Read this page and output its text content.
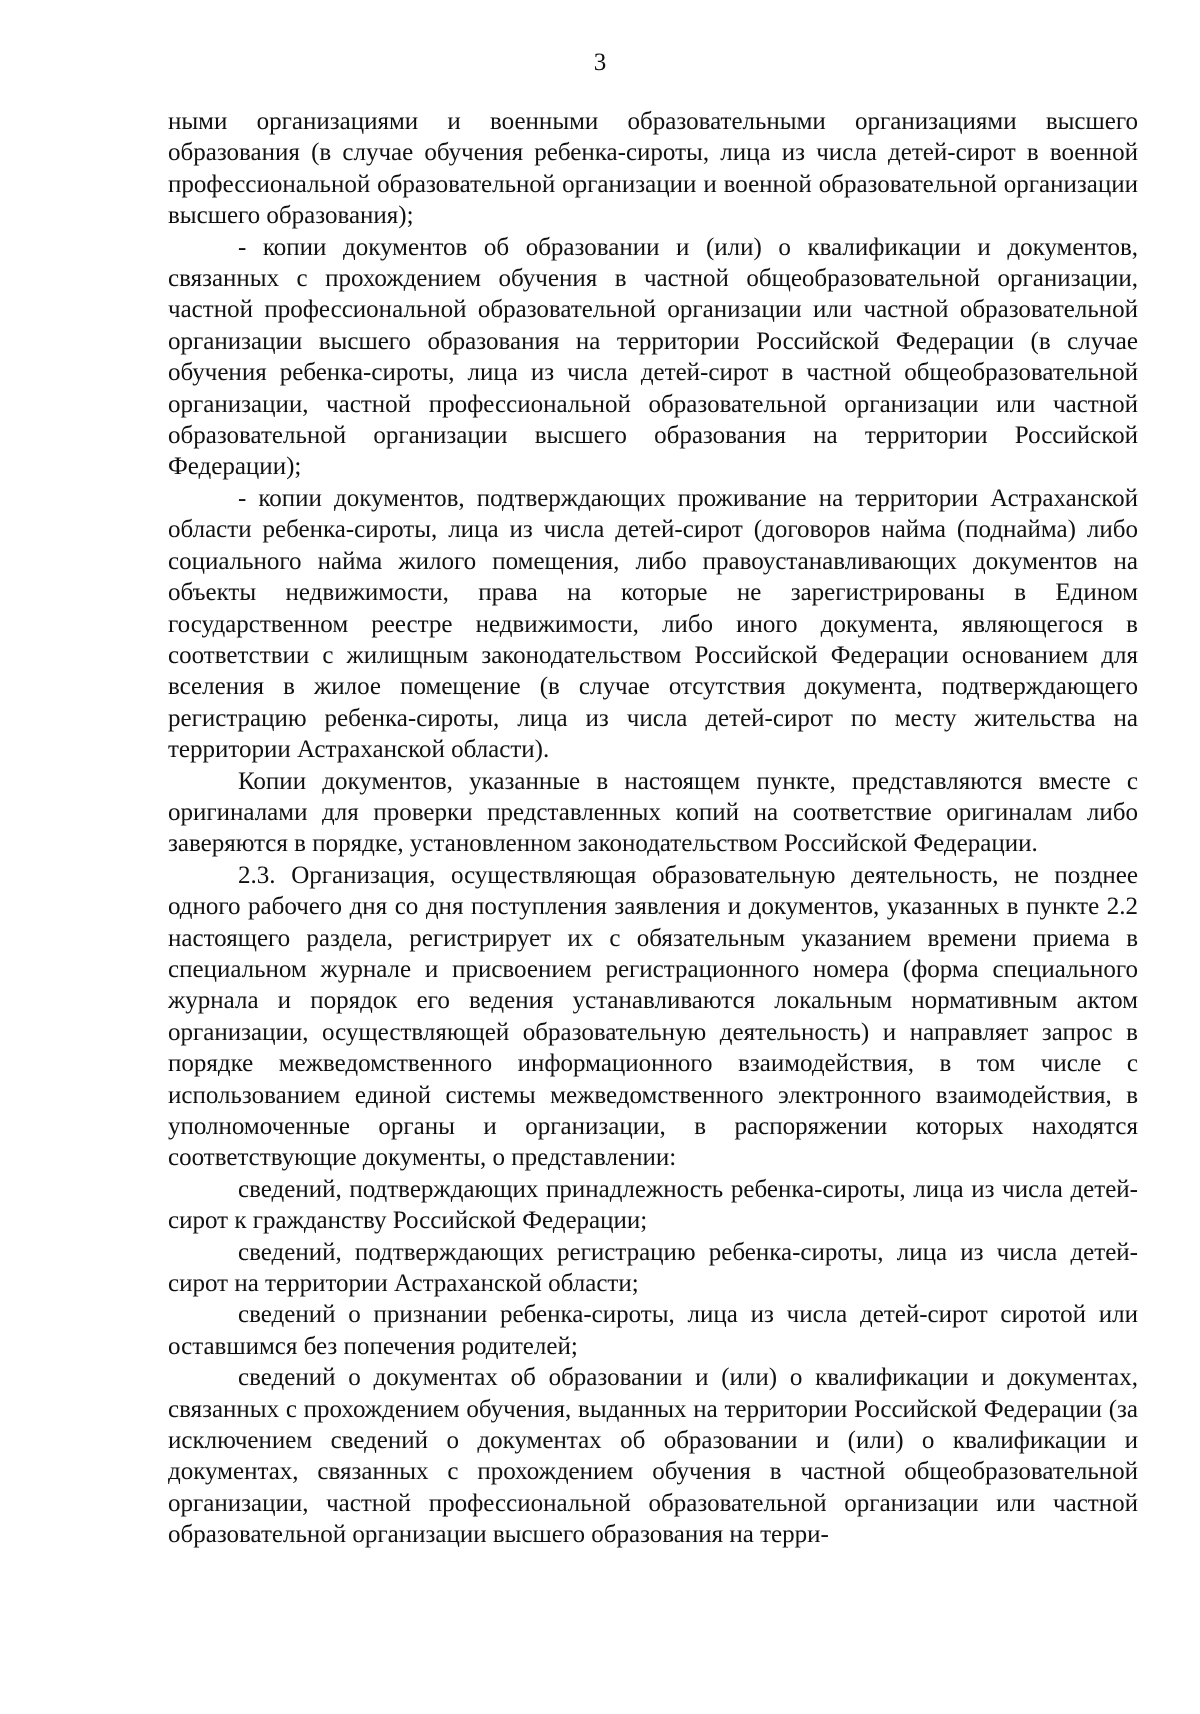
3

ными организациями и военными образовательными организациями высшего образования (в случае обучения ребенка-сироты, лица из числа детей-сирот в военной профессиональной образовательной организации и военной образовательной организации высшего образования);

- копии документов об образовании и (или) о квалификации и документов, связанных с прохождением обучения в частной общеобразовательной организации, частной профессиональной образовательной организации или частной образовательной организации высшего образования на территории Российской Федерации (в случае обучения ребенка-сироты, лица из числа детей-сирот в частной общеобразовательной организации, частной профессиональной образовательной организации или частной образовательной организации высшего образования на территории Российской Федерации);

- копии документов, подтверждающих проживание на территории Астраханской области ребенка-сироты, лица из числа детей-сирот (договоров найма (поднайма) либо социального найма жилого помещения, либо правоустанавливающих документов на объекты недвижимости, права на которые не зарегистрированы в Едином государственном реестре недвижимости, либо иного документа, являющегося в соответствии с жилищным законодательством Российской Федерации основанием для вселения в жилое помещение (в случае отсутствия документа, подтверждающего регистрацию ребенка-сироты, лица из числа детей-сирот по месту жительства на территории Астраханской области).

Копии документов, указанные в настоящем пункте, представляются вместе с оригиналами для проверки представленных копий на соответствие оригиналам либо заверяются в порядке, установленном законодательством Российской Федерации.

2.3. Организация, осуществляющая образовательную деятельность, не позднее одного рабочего дня со дня поступления заявления и документов, указанных в пункте 2.2 настоящего раздела, регистрирует их с обязательным указанием времени приема в специальном журнале и присвоением регистрационного номера (форма специального журнала и порядок его ведения устанавливаются локальным нормативным актом организации, осуществляющей образовательную деятельность) и направляет запрос в порядке межведомственного информационного взаимодействия, в том числе с использованием единой системы межведомственного электронного взаимодействия, в уполномоченные органы и организации, в распоряжении которых находятся соответствующие документы, о представлении:

сведений, подтверждающих принадлежность ребенка-сироты, лица из числа детей-сирот к гражданству Российской Федерации;

сведений, подтверждающих регистрацию ребенка-сироты, лица из числа детей-сирот на территории Астраханской области;

сведений о признании ребенка-сироты, лица из числа детей-сирот сиротой или оставшимся без попечения родителей;

сведений о документах об образовании и (или) о квалификации и документах, связанных с прохождением обучения, выданных на территории Российской Федерации (за исключением сведений о документах об образовании и (или) о квалификации и документах, связанных с прохождением обучения в частной общеобразовательной организации, частной профессиональной образовательной организации или частной образовательной организации высшего образования на терри-
